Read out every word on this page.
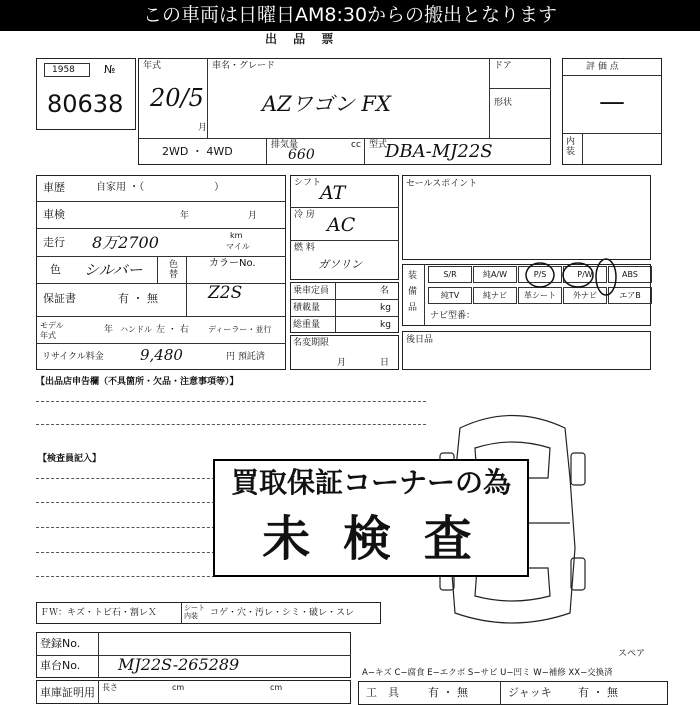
この車両は日曜日AM8:30からの搬出となります
出 品 票
1958	№
80638
年式
20/5
月
車名・グレード
AZワゴン FX
ドア
形状
2WD ・ 4WD	排気量
660
cc 型式
DBA-MJ22S
評 価 点
—
内装
車歴	自家用 ・（　　　　　　　）
車検	年	月
走行 8万2700	km
マイル
色 シルバー	色替
カラーNo.
保証書	有 ・ 無	Z2S
モデル年式
年 ハンドル 左 ・ 右 ディーラー・並行
リサイクル料金 9,480	円 預託済
シフト
AT
冷 房 AC
燃 料
ガソリン
乗車定員	名
積載量	kg
総重量	kg
名変期限
月	日
セールスポイント
装備品
S/R	純A/W	P/S	P/W	ABS
純TV	純ナビ	革シート	外ナビ	エアB
ナビ型番：
後日品
【出品店申告欄（不具箇所・欠品・注意事項等）】
【検査員記入】
買取保証コーナーの為
未 検 査
ＦＷ：キズ・トビ石・割レＸ	シート内装	コゲ・穴・汚レ・シミ・破レ・スレ
登録No.
車台No. MJ22S-265289
車庫証明用 長さ	cm	cm
スペア
A−キズ C−腐食 E−エクボ S−サビ U−凹ミ W−補修 XX−交換済
工　具	有 ・ 無	ジャッキ 有 ・ 無
